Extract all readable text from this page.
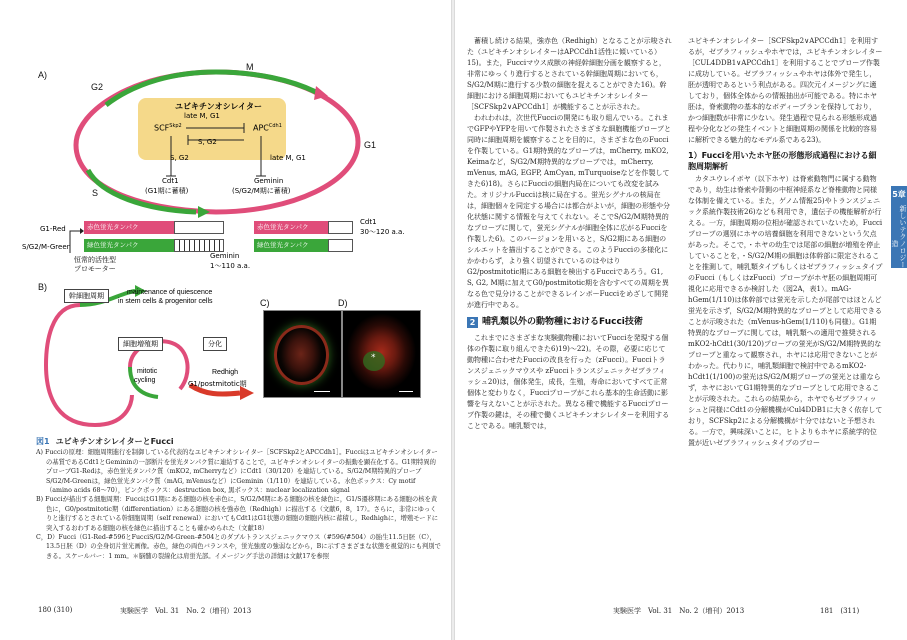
A)
G2
M
G1
S
ユビキチンオシレイター
late M, G1
$SCF^{Skp2}$	$APC^{Cdh1}$
S, G2
S, G2	late M, G1
Cdt1
(G1期に蓄積)
Geminin
(S/G2/M期に蓄積)
G1-Red	赤色蛍光タンパク	赤色蛍光タンパク
Cdt1
30～120 a.a.
S/G2/M-Green	緑色蛍光タンパク	緑色蛍光タンパク
Geminin
1～110 a.a.
恒常的活性型
プロモーター
B)
幹細胞周期	maintenance of quiescence
in stem cells & progenitor cells
細胞増殖期	分化
mitotic
cycling
Redhigh
G1/postmitotic期
C)	D)
*
図1 ユビキチンオシレイターとFucci
A) Fucciの原理：細胞周期進行を制御している代表的なユビキチンオシレイター［SCFSkp2とAPCCdh1］。Fucciはユビキチンオシレイターの基質であるCdt1とGemininの一部断片を蛍光タンパク質に連結することで，ユビキチンオシレイターの振動を顕在化する。G1期特異的プローブG1-Redは，赤色蛍光タンパク質（mKO2, mCherryなど）にCdt1（30/120）を連結している。S/G2/M期特異的プローブS/G2/M-Greenは，緑色蛍光タンパク質（mAG, mVenusなど）にGeminin（1/110）を連結している。水色ボックス：Cy motif（amino acids 68～70），ピンクボックス：destruction box, 黒ボックス：nuclear localization signal
B) Fucciが描出する細胞周期：FucciはG1期にある細胞の核を赤色に，S/G2/M期にある細胞の核を緑色に，G1/S遷移期にある細胞の核を黄色に，G0/postmitotic期（differentiation）にある細胞の核を強赤色（Redhigh）に描出する（文献6，8，17）。さらに，非常にゆっくりと進行するとされている幹細胞周期（self renewal）においてもCdt1はG1状態の細胞の細胞内核に蓄積し，Redhighに，増殖モードに突入するおわすある細胞の核を緑色に描出することも確かめられた（文献18）
C，D）Fucci（G1-Red-#596とFucciS/G2/M-Green-#504とのダブルトランスジェニックマウス（#596/#504）の胎生11.5日胚（C），13.5日胚（D）の全身切片蛍光画像。赤色，緑色の両色バランスや，蛍光強度の強弱などから，Bに示すさまざまな状態を視覚的にも判別できる。スケールバー：1 mm。＊脳髄の裂線化は肩蛍光部。イメージング手法の詳細は文献17を参照
180 (310)	実験医学　Vol. 31　No. 2（増刊）2013

蓄積し続ける結果，強赤色（Redhigh）となることが示唆された（ユビキチンオシレイターはAPCCdh1活性に傾いている）15)。また，Fucciマウス成獣の神経幹細胞分画を観察すると，非常にゆっくり進行するとされている幹細胞周期においても，S/G2/M期に進行する少数の細胞を捉えることができた16)。幹細胞における細胞周期においてもユビキチンオシレイター［SCFSkp2∨APCCdh1］が機能することが示された。

われわれは，次世代Fucciの開発にも取り組んでいる。これまでGFPやYFPを用いて作製されたさまざまな細胞機能プローブと同時に細胞周期を観察することを目的に，さまざまな色のFucciを作製している。G1期特異的なプローブは，mCherry, mKO2, Keimaなど，S/G2/M期特異的なプローブでは，mCherry, mVenus, mAG, EGFP, AmCyan, mTurquoiseなどを作製してきた6)18)。さらにFucciの細胞内局在についても改変を試みた。オリジナルFucciは核に局在する。蛍光シグナルの核局在は，細胞個々を同定する場合には都合がよいが，細胞の形態や分化状態に関する情報を与えてくれない。そこでS/G2/M期特異的なプローブに関して，蛍光シグナルが細胞全体に広がるFucciを作製した6)。このバージョンを用いると，S/G2期にある細胞のシルエットを描出することができる。このようFucciの多様化にかかわらず，より強く切望されているのはやはりG2/postmitotic期にある細胞を検出するFucciであろう。G1, S, G2, M期に加えてG0/postmitotic期を含むすべての周期を異なる色で見分けることができるレインボーFucciをめざして開発が進行中である。

2 哺乳類以外の動物種におけるFucci技術

これまでにさまざまな実験動物種においてFucciを発現する個体の作製に取り組んできた6)19)～22)。その際，必要に応じて動物種に合わせたFucciの改良を行った（zFucci）。Fucciトランスジェニックマウスや zFucciトランスジェニックゼブラフィッシュ20)は，個体発生，成長，生殖，寿命においてすべて正常個体と変わりなく，Fucciプローブがこれら基本的生命活動に影響を与えないことが示された。異なる種で機能するFucciプローブ作製の鍵は，その種で働くユビキチンオシレイターを利用することである。哺乳類では，

ユビキチンオシレイター［SCFSkp2∨APCCdh1］を利用するが，ゼブラフィッシュやホヤでは，ユビキチンオシレイター［CUL4DDB1∨APCCdh1］を利用することでプローブ作製に成功している。ゼブラフィッシュやホヤは体外で発生し，胚が透明であるという利点がある。四次元イメージングに適しており，個体全体からの情報抽出が可能である。特にホヤ胚は，脊索動物の基本的なボディープランを保持しており，かつ細胞数が非常に少ない。発生過程で見られる形態形成過程や分化などの発生イベントと細胞周期の関係を比較的容易に解析できる魅力的なモデル系である23)。

1）Fucciを用いたホヤ胚の形態形成過程における細胞周期解析

カタユウレイボヤ（以下ホヤ）は脊索動物門に属する動物であり，幼生は脊索や背側の中枢神経系など脊椎動物と同様な体制を備えている。また，ゲノム情報25)やトランスジェニック系統作製技術26)なども利用でき，遺伝子の機能解析が行える。一方，細胞周期の位相が確認されていないため，Fucciプローブの選別にホヤの培養細胞を利用できないという欠点があった。そこで，・ホヤの幼生では尾部の細胞が増殖を停止していることを，・S/G2/M期の細胞は体幹部に限定されることを推測して，哺乳類タイプもしくはゼブラフィッシュタイプのFucci（もしくはzFucci）プローブがホヤ胚の細胞周期可視化に応用できるか検討した（図2A，表1）。mAG-hGem(1/110)は体幹部では蛍光を示したが尾部ではほとんど蛍光を示さず，S/G2/M期特異的なプローブとして応用できることが示唆された（mVenus-hGem(1/110)も同様）。G1期特異的なプローブに関しては，哺乳類への適用で推奨されるmKO2-hCdt1(30/120)プローブの蛍光がS/G2/M期特異的なプローブと重なって観察され，ホヤには応用できないことがわかった。代わりに，哺乳類細胞で検討中であるmKO2-hCdt1(1/100)の蛍光はS/G2/M期プローブの蛍光とは重ならず，ホヤにおいてG1期特異的なプローブとして応用できることが示唆された。これらの結果から，ホヤでもゼブラフィッシュと同様にCdt1の分解機構がCul4DDB1に大きく依存しており，SCFSkp2による分解機構が十分ではないと予想される。一方で，興味深いことに，ヒトよりもホヤに系統学的位置が近いゼブラフィッシュタイプのプロー

5章
新しいテクノロジーの创造
実験医学　Vol. 31　No. 2（増刊）2013	181　(311)
